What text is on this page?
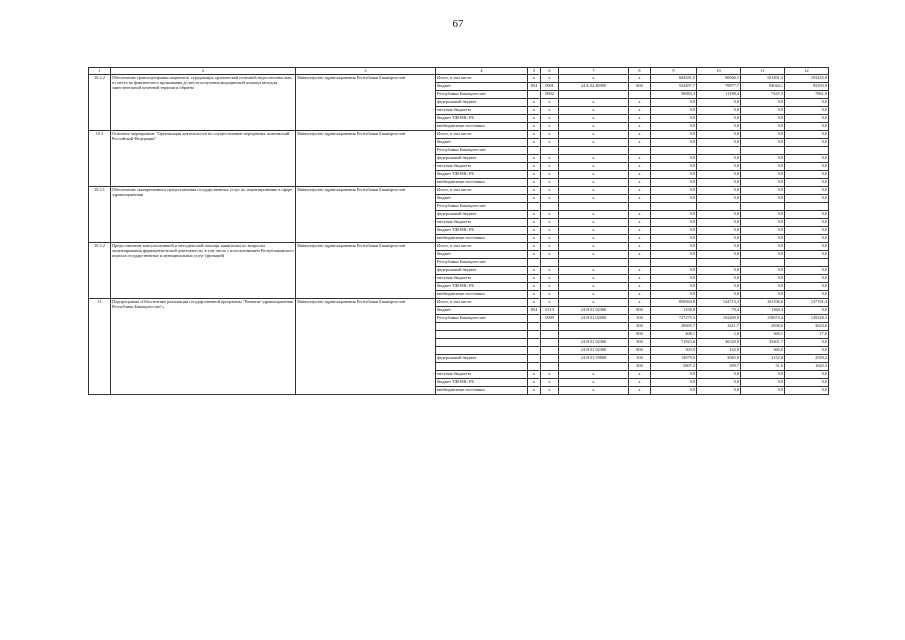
67
1	2	3	4	5	6	7	8	9	10	11	12
10.2.2	Обеспечение транспортировки пациентов, страдающих хронической почечной недостаточностью, от места их фактического проживания до места получения медицинской помощи методом заместительной почечной терапии и обратно	Министерство здравоохранения Республики Башкортостан	Итого, в том числе:	x	x	x	x	604581,0	90066,1	101491,4	103255,8
			бюджет	854	0901	24 Б 02.48990	600	554497,7	78877,7	94044,1	95393,9
			Республики Башкортостан		0902			50083,3	11188,4	7447,3	7861,9
			федеральный бюджет	x	x	x	x	0,0	0,0	0,0	0,0
			местные бюджеты	x	x	x	x	0,0	0,0	0,0	0,0
			бюджет ТФОМС РБ	x	x	x	x	0,0	0,0	0,0	0,0
			внебюджетные источники	x	x	x	x	0,0	0,0	0,0	0,0
10.3	Основное мероприятие "Организация деятельности по осуществлению переданных полномочий Российской Федерации"	Министерство здравоохранения Республики Башкортостан	Итого, в том числе:	x	x	x	x	0,0	0,0	0,0	0,0
			бюджет	x	x	x	x	0,0	0,0	0,0	0,0
			Республики Башкортостан								
			федеральный бюджет	x	x	x	x	0,0	0,0	0,0	0,0
			местные бюджеты	x	x	x	x	0,0	0,0	0,0	0,0
			бюджет ТФОМС РБ	x	x	x	x	0,0	0,0	0,0	0,0
			внебюджетные источники	x	x	x	x	0,0	0,0	0,0	0,0
10.3.1	Обеспечение своевременного предоставления государственных услуг по лицензированию в сфере здравоохранения	Министерство здравоохранения Республики Башкортостан	Итого, в том числе:	x	x	x	x	0,0	0,0	0,0	0,0
			бюджет	x	x	x	x	0,0	0,0	0,0	0,0
			Республики Башкортостан								
			федеральный бюджет	x	x	x	x	0,0	0,0	0,0	0,0
			местные бюджеты	x	x	x	x	0,0	0,0	0,0	0,0
			бюджет ТФОМС РБ	x	x	x	x	0,0	0,0	0,0	0,0
			внебюджетные источники	x	x	x	x	0,0	0,0	0,0	0,0
10.3.2	Предоставление консультативной и методической помощи заявителям по вопросам лицензирования фармацевтической деятельности, в том числе с использованием Республиканского портала государственных и муниципальных услуг (функций)	Министерство здравоохранения Республики Башкортостан	Итого, в том числе:	x	x	x	x	0,0	0,0	0,0	0,0
			бюджет	x	x	x	x	0,0	0,0	0,0	0,0
			Республики Башкортостан								
			федеральный бюджет	x	x	x	x	0,0	0,0	0,0	0,0
			местные бюджеты	x	x	x	x	0,0	0,0	0,0	0,0
			бюджет ТФОМС РБ	x	x	x	x	0,0	0,0	0,0	0,0
			внебюджетные источники	x	x	x	x	0,0	0,0	0,0	0,0
11	Подпрограмма «Обеспечение реализации государственной программы "Развитие здравоохранения Республики Башкортостан"»	Министерство здравоохранения Республики Башкортостан	Итого, в том числе:	x	x	x	x	850964,8	144713,3	161106,6	137191,4
			бюджет	854	0113	24 Я 01.92360	800	1339,8	79,4	1360,4	0,0
			Республики Башкортостан		0909	24 Я 01.02000	100	727275,5	102269,9	118672,4	129328,3
							200	20695,7	3211,7	2838,6	3623,6
							800	408,1	2,0	369,1	17,0
						24 Я 01.92360	300	71923,6	36520,9	35401,7	0,0
						24 Я 01.92380	800	503,9	143,9	360,0	0,0
			федеральный бюджет			24 Я 01.59800	100	13079,0	3065,8	2152,8	2559,2
							200	5807,2	399,7	51,6	1643,3
			местные бюджеты	x	x	x	x	0,0	0,0	0,0	0,0
			бюджет ТФОМС РБ	x	x	x	x	0,0	0,0	0,0	0,0
			внебюджетные источники	x	x	x	x	0,0	0,0	0,0	0,0
